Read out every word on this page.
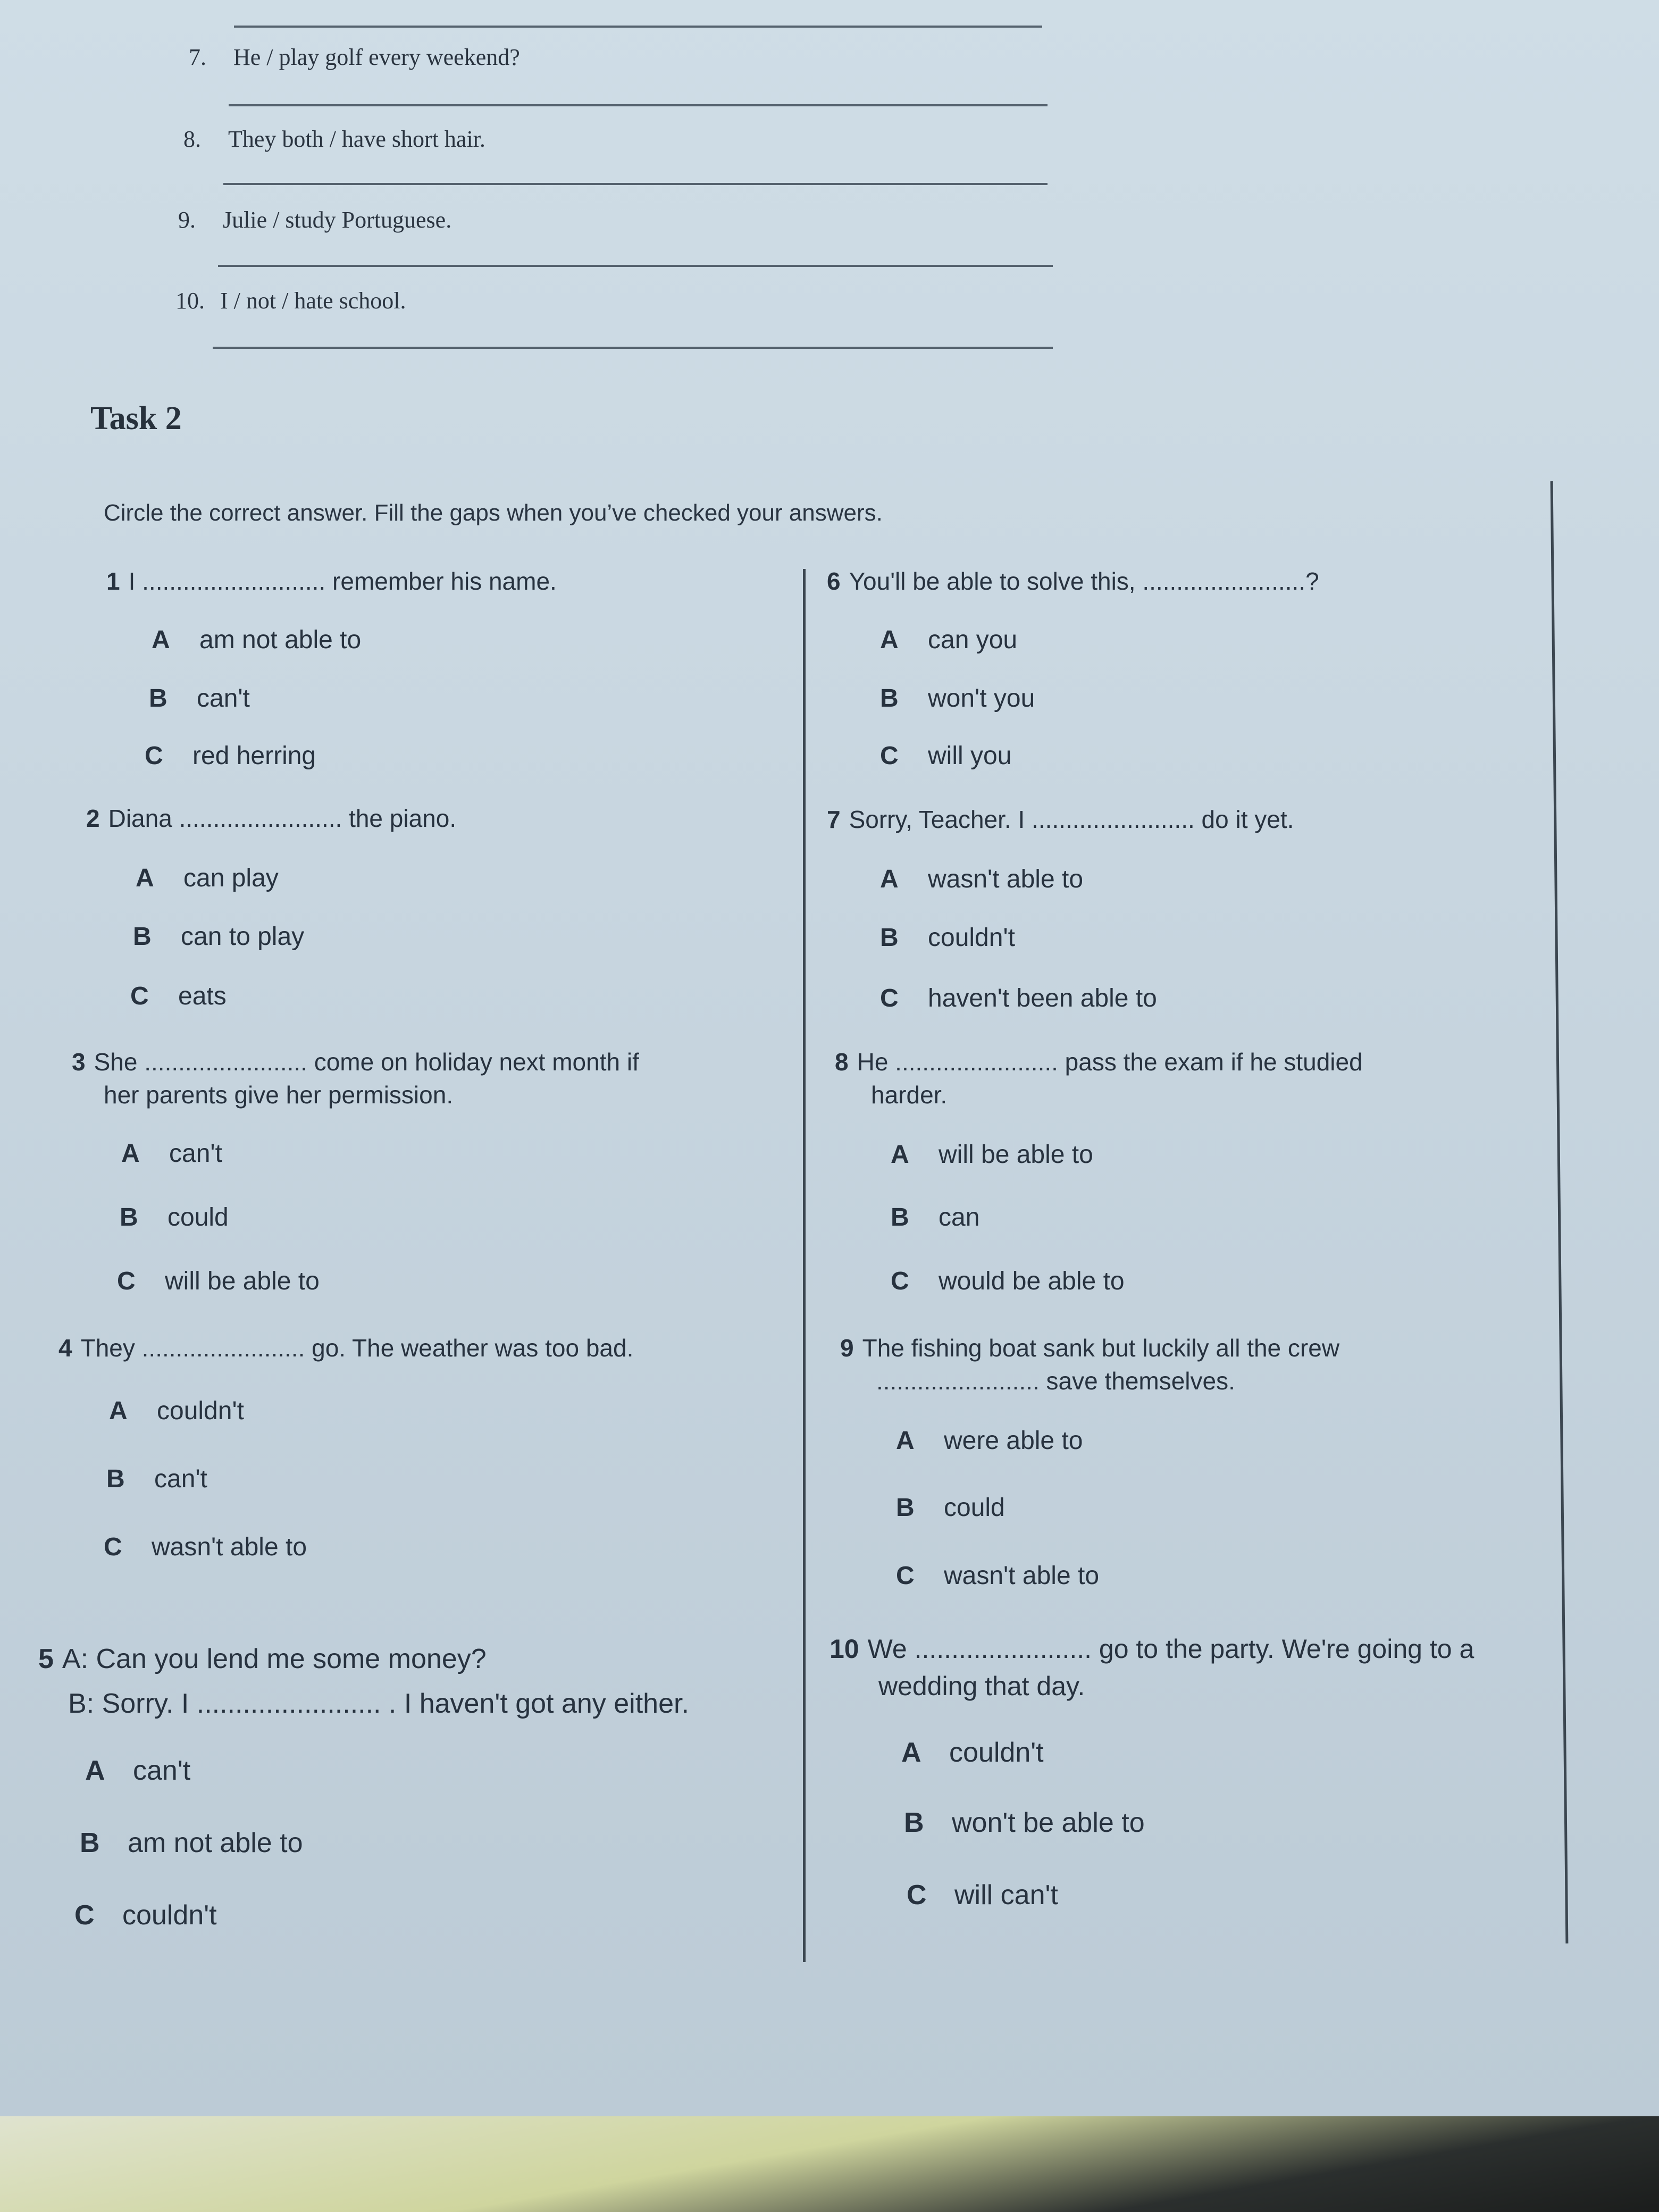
7. He / play golf every weekend?
8. They both / have short hair.
9. Julie / study Portuguese.
10. I / not / hate school.
Task 2
Circle the correct answer. Fill the gaps when you’ve checked your answers.
1 I ........................... remember his name.
A am not able to
B can't
C red herring
2 Diana ........................ the piano.
A can play
B can to play
C eats
3 She ........................ come on holiday next month if
her parents give her permission.
A can't
B could
C will be able to
4 They ........................ go. The weather was too bad.
A couldn't
B can't
C wasn't able to
5 A: Can you lend me some money?
B: Sorry. I ........................ . I haven't got any either.
A can't
B am not able to
C couldn't
6 You'll be able to solve this, ........................?
A can you
B won't you
C will you
7 Sorry, Teacher. I ........................ do it yet.
A wasn't able to
B couldn't
C haven't been able to
8 He ........................ pass the exam if he studied
harder.
A will be able to
B can
C would be able to
9 The fishing boat sank but luckily all the crew
........................ save themselves.
A were able to
B could
C wasn't able to
10 We ........................ go to the party. We're going to a
wedding that day.
A couldn't
B won't be able to
C will can't
